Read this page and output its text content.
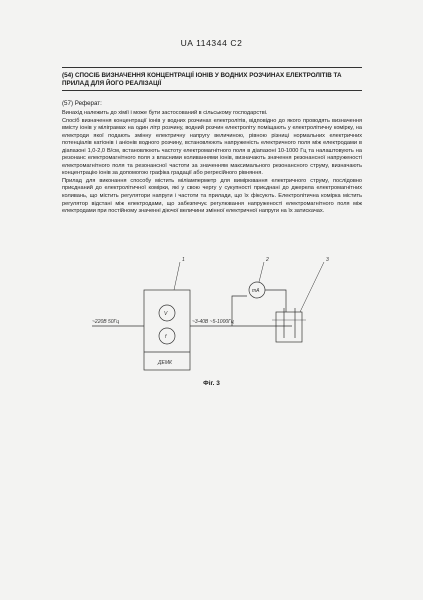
UA 114344 C2
(54) СПОСІБ ВИЗНАЧЕННЯ КОНЦЕНТРАЦІЇ ІОНІВ У ВОДНИХ РОЗЧИНАХ ЕЛЕКТРОЛІТІВ ТА ПРИЛАД ДЛЯ ЙОГО РЕАЛІЗАЦІЇ
(57) Реферат:

Винахід належить до хімії і може бути застосований в сільському господарстві.

Спосіб визначення концентрації іонів у водних розчинах електролітів, відповідно до якого проводять визначення вмісту іонів у міліграмах на один літр розчину, водний розчин електроліту поміщають у електролітичну комірку, на електроди якої подають змінну електричну напругу величиною, рівною різниці нормальних електричних потенціалів катіонів і аніонів водного розчину, встановлюють напруженість електричного поля між електродами в діапазоні 1,0-2,0 В/см, встановлюють частоту електромагнітного поля в діапазоні 10-1000 Гц та налаштовують на резонанс електромагнітного поля з власними коливаннями іонів, визначають значення резонансної напруженості електромагнітного поля та резонансної частоти за значенням максимального резонансного струму, визначають концентрацію іонів за допомогою графіка градації або регресійного рівняння.

Прилад для виконання способу містить міліамперметр для вимірювання електричного струму, послідовно приєднаний до електролітичної комірки, які у свою чергу у сукупності приєднані до джерела електромагнітних коливань, що містить регулятори напруги і частоти та прилади, що їх фіксують. Електролітична комірка містить регулятор відстані між електродами, що забезпечує регулювання напруженості електромагнітного поля між електродами при постійному значенні діючої величини змінної електричної напруги на їх затискачах.

1	2	3
~220В 50Гц	~3-40В ~5-1000Гц
mA
V
f
ДЕМК
Фіг. 3
